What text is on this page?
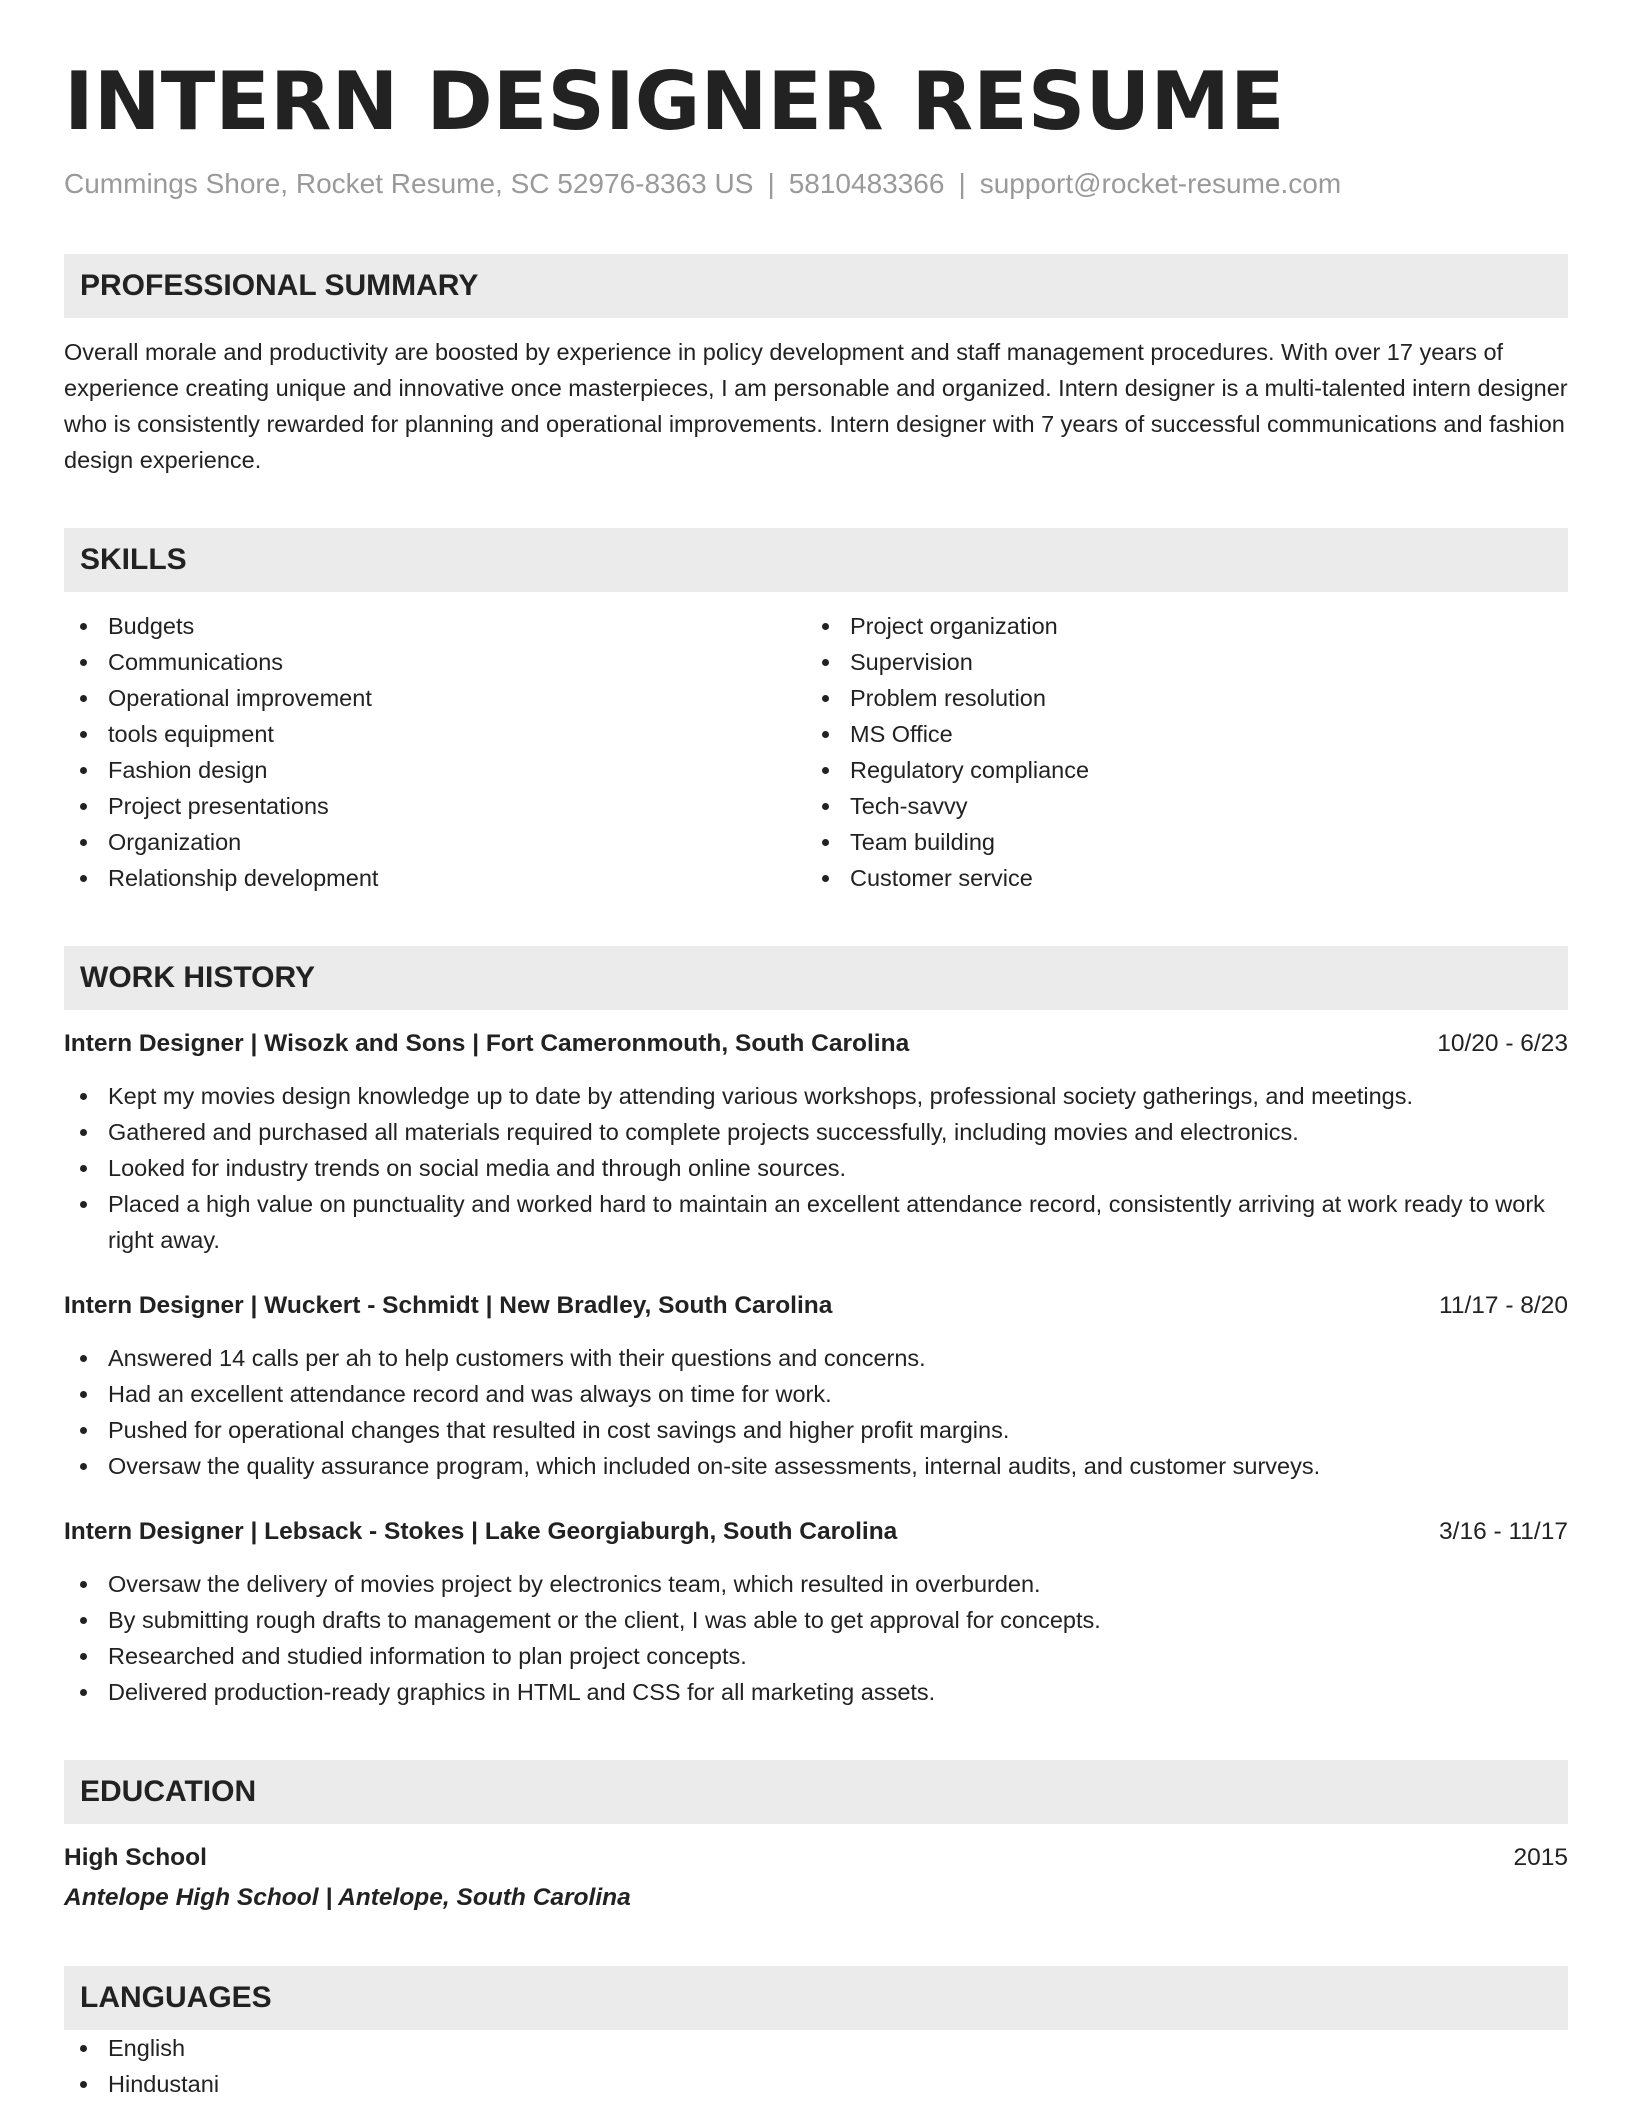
INTERN DESIGNER RESUME
Cummings Shore, Rocket Resume, SC 52976-8363 US | 5810483366 | support@rocket-resume.com
PROFESSIONAL SUMMARY
Overall morale and productivity are boosted by experience in policy development and staff management procedures. With over 17 years of experience creating unique and innovative once masterpieces, I am personable and organized. Intern designer is a multi-talented intern designer who is consistently rewarded for planning and operational improvements. Intern designer with 7 years of successful communications and fashion design experience.
SKILLS
Budgets
Communications
Operational improvement
tools equipment
Fashion design
Project presentations
Organization
Relationship development
Project organization
Supervision
Problem resolution
MS Office
Regulatory compliance
Tech-savvy
Team building
Customer service
WORK HISTORY
Intern Designer | Wisozk and Sons | Fort Cameronmouth, South Carolina	10/20 - 6/23
Kept my movies design knowledge up to date by attending various workshops, professional society gatherings, and meetings.
Gathered and purchased all materials required to complete projects successfully, including movies and electronics.
Looked for industry trends on social media and through online sources.
Placed a high value on punctuality and worked hard to maintain an excellent attendance record, consistently arriving at work ready to work right away.
Intern Designer | Wuckert - Schmidt | New Bradley, South Carolina	11/17 - 8/20
Answered 14 calls per ah to help customers with their questions and concerns.
Had an excellent attendance record and was always on time for work.
Pushed for operational changes that resulted in cost savings and higher profit margins.
Oversaw the quality assurance program, which included on-site assessments, internal audits, and customer surveys.
Intern Designer | Lebsack - Stokes | Lake Georgiaburgh, South Carolina	3/16 - 11/17
Oversaw the delivery of movies project by electronics team, which resulted in overburden.
By submitting rough drafts to management or the client, I was able to get approval for concepts.
Researched and studied information to plan project concepts.
Delivered production-ready graphics in HTML and CSS for all marketing assets.
EDUCATION
High School	2015
Antelope High School | Antelope, South Carolina
LANGUAGES
English
Hindustani
